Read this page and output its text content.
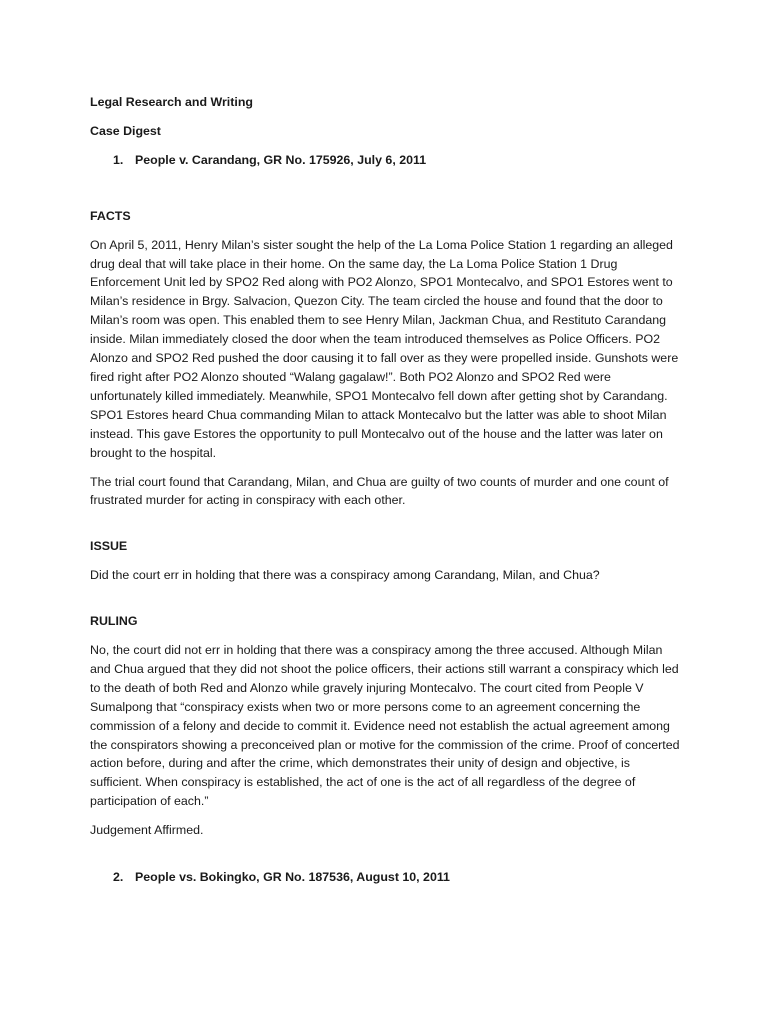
Legal Research and Writing

Case Digest

1. People v. Carandang, GR No. 175926, July 6, 2011

FACTS

On April 5, 2011, Henry Milan’s sister sought the help of the La Loma Police Station 1 regarding an alleged drug deal that will take place in their home. On the same day, the La Loma Police Station 1 Drug Enforcement Unit led by SPO2 Red along with PO2 Alonzo, SPO1 Montecalvo, and SPO1 Estores went to Milan’s residence in Brgy. Salvacion, Quezon City. The team circled the house and found that the door to Milan’s room was open. This enabled them to see Henry Milan, Jackman Chua, and Restituto Carandang inside. Milan immediately closed the door when the team introduced themselves as Police Officers. PO2 Alonzo and SPO2 Red pushed the door causing it to fall over as they were propelled inside. Gunshots were fired right after PO2 Alonzo shouted “Walang gagalaw!”. Both PO2 Alonzo and SPO2 Red were unfortunately killed immediately. Meanwhile, SPO1 Montecalvo fell down after getting shot by Carandang. SPO1 Estores heard Chua commanding Milan to attack Montecalvo but the latter was able to shoot Milan instead. This gave Estores the opportunity to pull Montecalvo out of the house and the latter was later on brought to the hospital.

The trial court found that Carandang, Milan, and Chua are guilty of two counts of murder and one count of frustrated murder for acting in conspiracy with each other.

ISSUE

Did the court err in holding that there was a conspiracy among Carandang, Milan, and Chua?

RULING

No, the court did not err in holding that there was a conspiracy among the three accused. Although Milan and Chua argued that they did not shoot the police officers, their actions still warrant a conspiracy which led to the death of both Red and Alonzo while gravely injuring Montecalvo. The court cited from People V Sumalpong that “conspiracy exists when two or more persons come to an agreement concerning the commission of a felony and decide to commit it. Evidence need not establish the actual agreement among the conspirators showing a preconceived plan or motive for the commission of the crime. Proof of concerted action before, during and after the crime, which demonstrates their unity of design and objective, is sufficient. When conspiracy is established, the act of one is the act of all regardless of the degree of participation of each.”

Judgement Affirmed.

2. People vs. Bokingko, GR No. 187536, August 10, 2011
